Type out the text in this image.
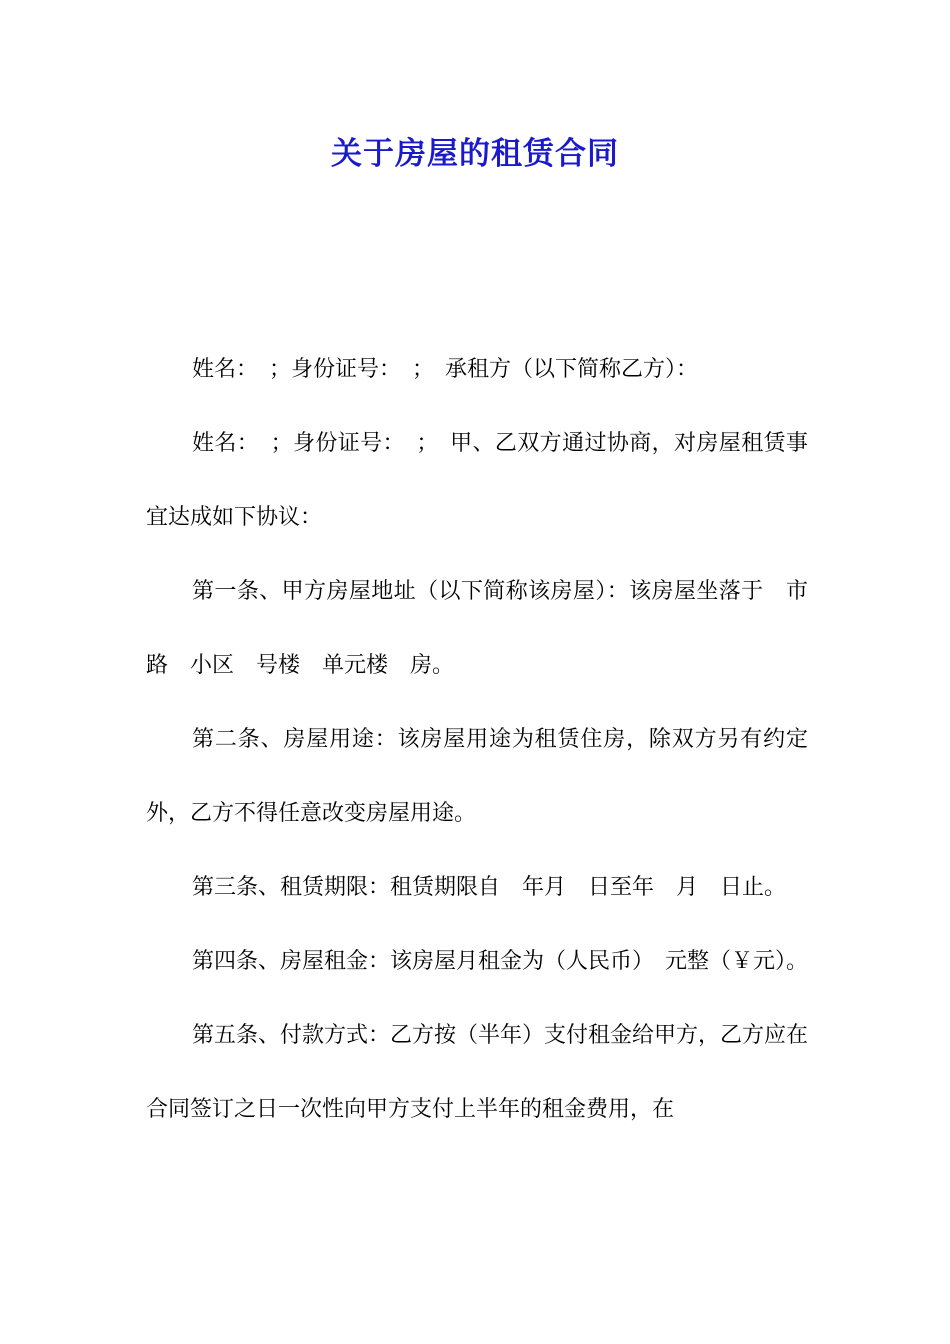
关于房屋的租赁合同

姓名：　；身份证号：　；　承租方（以下简称乙方）：

姓名：　；身份证号：　；　甲、乙双方通过协商，对房屋租赁事宜达成如下协议：

第一条、甲方房屋地址（以下简称该房屋）：该房屋坐落于　市　路　小区　号楼　单元楼　房。

第二条、房屋用途：该房屋用途为租赁住房，除双方另有约定外，乙方不得任意改变房屋用途。

第三条、租赁期限：租赁期限自　年月　日至年　月　日止。

第四条、房屋租金：该房屋月租金为（人民币）　元整（￥元）。

第五条、付款方式：乙方按（半年）支付租金给甲方，乙方应在合同签订之日一次性向甲方支付上半年的租金费用，在
